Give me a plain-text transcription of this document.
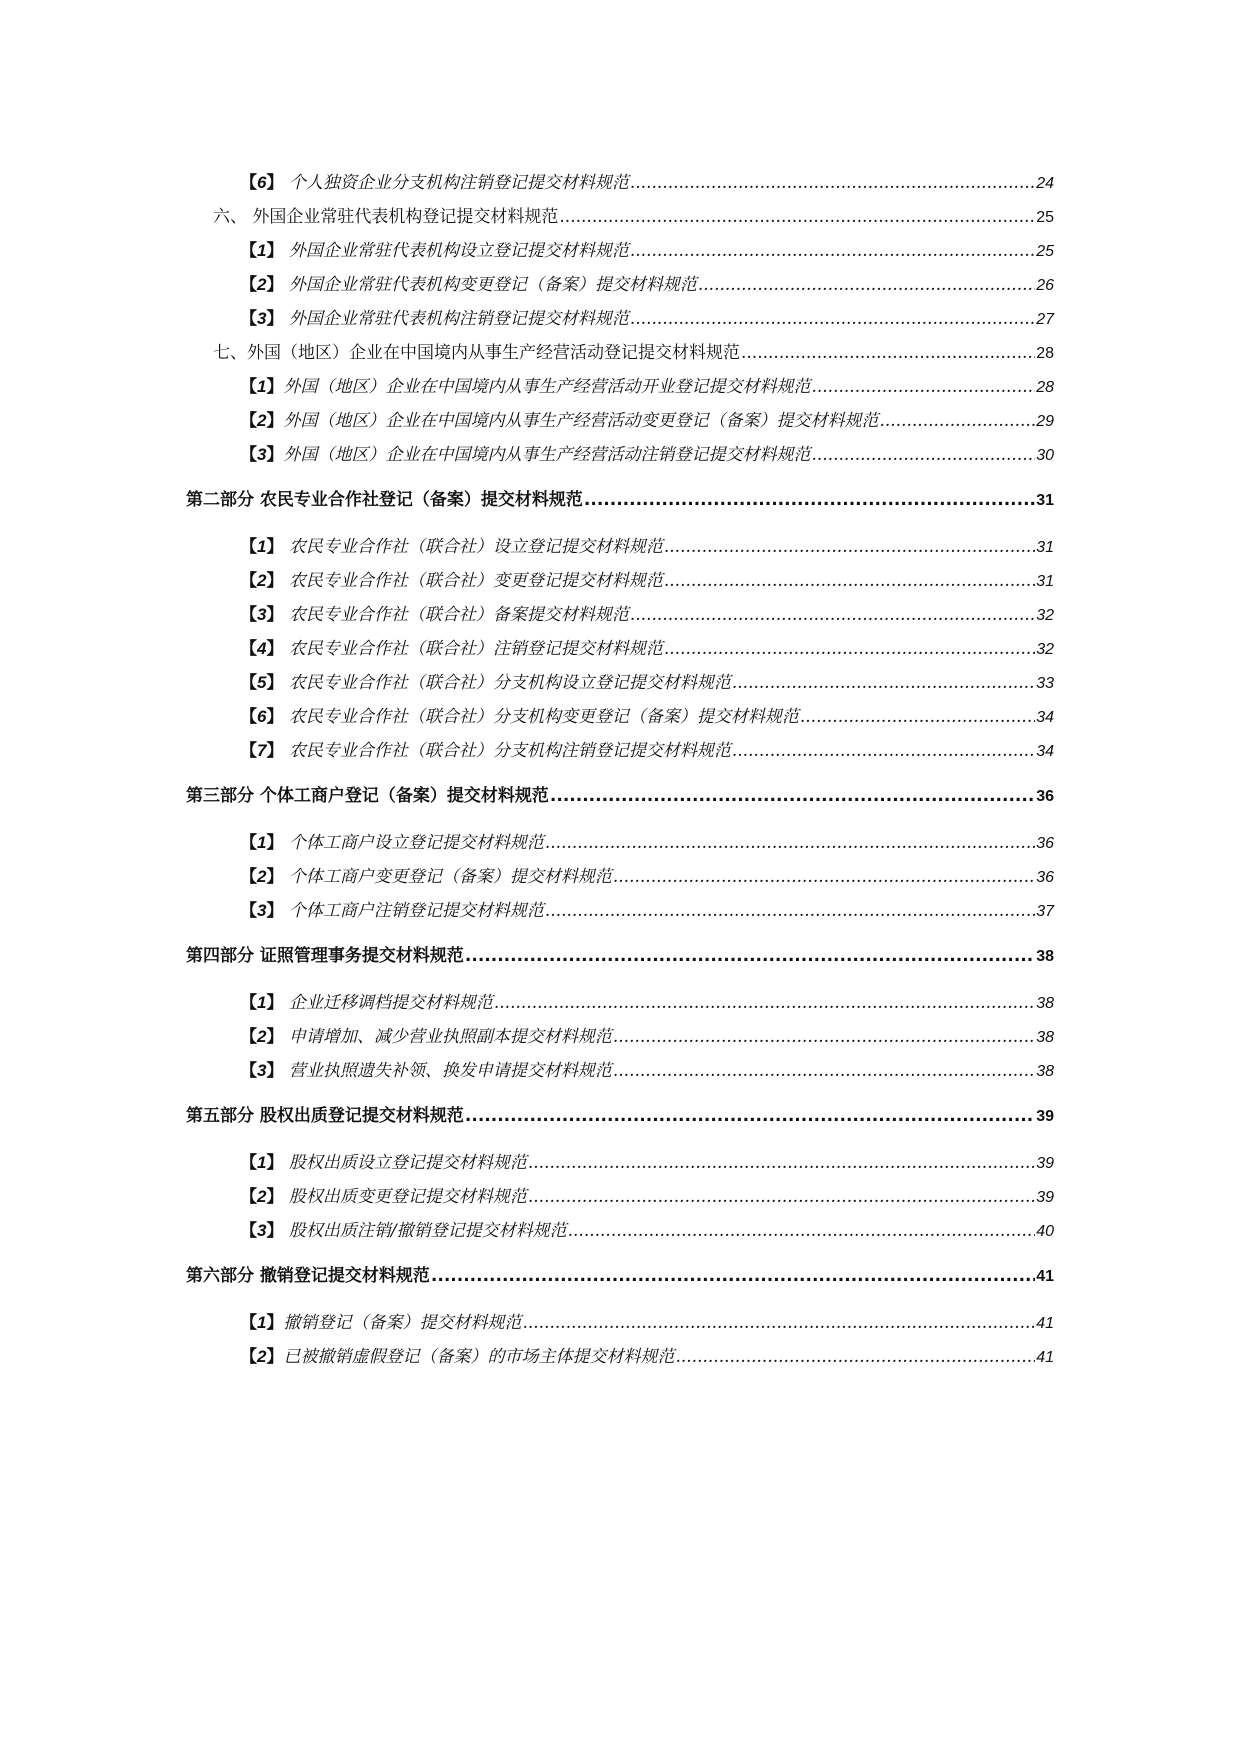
【6】 个人独资企业分支机构注销登记提交材料规范 .....	24
六、 外国企业常驻代表机构登记提交材料规范 .....	25
【1】 外国企业常驻代表机构设立登记提交材料规范 .....	25
【2】 外国企业常驻代表机构变更登记（备案）提交材料规范 .....	26
【3】 外国企业常驻代表机构注销登记提交材料规范 .....	27
七、外国（地区）企业在中国境内从事生产经营活动登记提交材料规范 .....	28
【1】外国（地区）企业在中国境内从事生产经营活动开业登记提交材料规范 .....	28
【2】外国（地区）企业在中国境内从事生产经营活动变更登记（备案）提交材料规范 .....	29
【3】外国（地区）企业在中国境内从事生产经营活动注销登记提交材料规范 .....	30
第二部分 农民专业合作社登记（备案）提交材料规范 .....	31
【1】 农民专业合作社（联合社）设立登记提交材料规范 .....	31
【2】 农民专业合作社（联合社）变更登记提交材料规范 .....	31
【3】 农民专业合作社（联合社）备案提交材料规范 .....	32
【4】 农民专业合作社（联合社）注销登记提交材料规范 .....	32
【5】 农民专业合作社（联合社）分支机构设立登记提交材料规范 .....	33
【6】 农民专业合作社（联合社）分支机构变更登记（备案）提交材料规范 .....	34
【7】 农民专业合作社（联合社）分支机构注销登记提交材料规范 .....	34
第三部分 个体工商户登记（备案）提交材料规范 .....	36
【1】 个体工商户设立登记提交材料规范 .....	36
【2】 个体工商户变更登记（备案）提交材料规范 .....	36
【3】 个体工商户注销登记提交材料规范 .....	37
第四部分 证照管理事务提交材料规范 .....	38
【1】 企业迁移调档提交材料规范 .....	38
【2】 申请增加、减少营业执照副本提交材料规范 .....	38
【3】 营业执照遗失补领、换发申请提交材料规范 .....	38
第五部分 股权出质登记提交材料规范 .....	39
【1】 股权出质设立登记提交材料规范 .....	39
【2】 股权出质变更登记提交材料规范 .....	39
【3】 股权出质注销/撤销登记提交材料规范 .....	40
第六部分 撤销登记提交材料规范 .....	41
【1】撤销登记（备案）提交材料规范 .....	41
【2】已被撤销虚假登记（备案）的市场主体提交材料规范 .....	41
